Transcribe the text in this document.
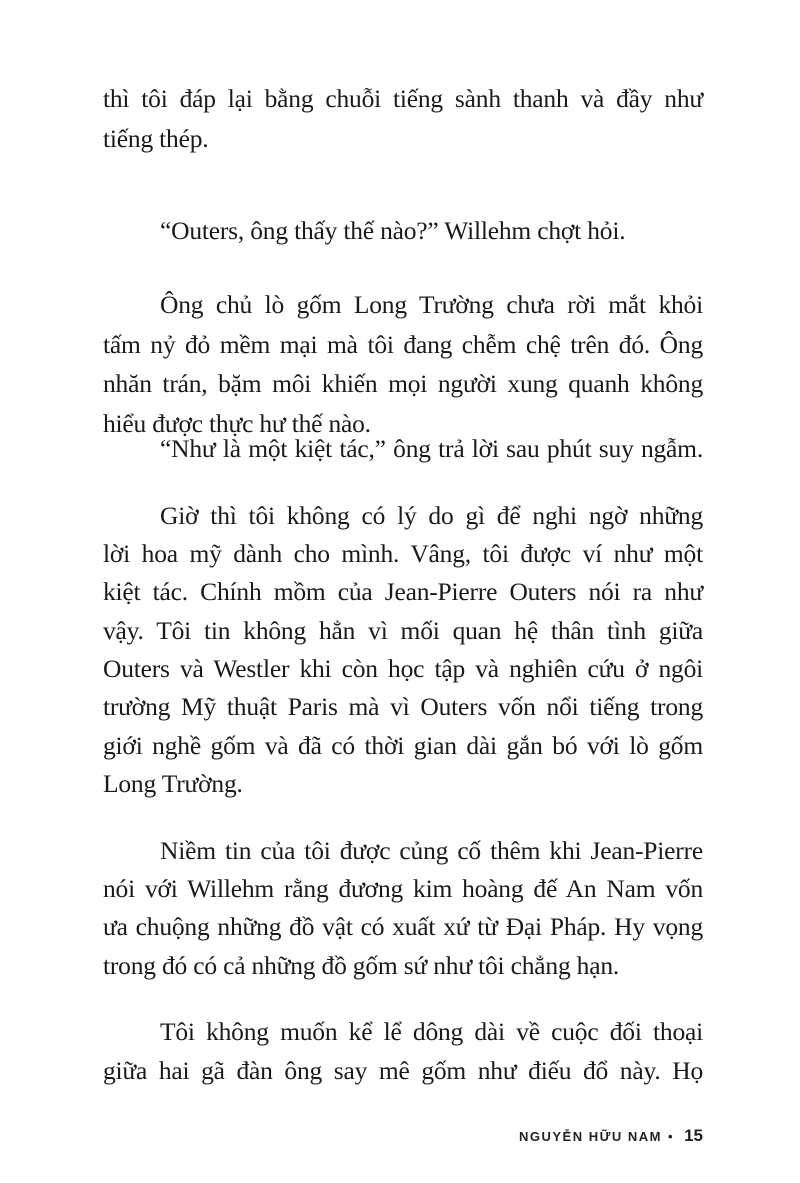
thì tôi đáp lại bằng chuỗi tiếng sành thanh và đầy như
tiếng thép.
“Outers, ông thấy thế nào?” Willehm chợt hỏi.
Ông chủ lò gốm Long Trường chưa rời mắt khỏi
tấm nỷ đỏ mềm mại mà tôi đang chễm chệ trên đó. Ông
nhăn trán, bặm môi khiến mọi người xung quanh không
hiểu được thực hư thế nào.
“Như là một kiệt tác,” ông trả lời sau phút suy ngẫm.
Giờ thì tôi không có lý do gì để nghi ngờ những
lời hoa mỹ dành cho mình. Vâng, tôi được ví như một
kiệt tác. Chính mồm của Jean-Pierre Outers nói ra như
vậy. Tôi tin không hẳn vì mối quan hệ thân tình giữa
Outers và Westler khi còn học tập và nghiên cứu ở ngôi
trường Mỹ thuật Paris mà vì Outers vốn nổi tiếng trong
giới nghề gốm và đã có thời gian dài gắn bó với lò gốm
Long Trường.
Niềm tin của tôi được củng cố thêm khi Jean-Pierre
nói với Willehm rằng đương kim hoàng đế An Nam vốn
ưa chuộng những đồ vật có xuất xứ từ Đại Pháp. Hy vọng
trong đó có cả những đồ gốm sứ như tôi chẳng hạn.
Tôi không muốn kể lể dông dài về cuộc đối thoại
giữa hai gã đàn ông say mê gốm như điếu đổ này. Họ
NGUYỄN HỮU NAM • 15
